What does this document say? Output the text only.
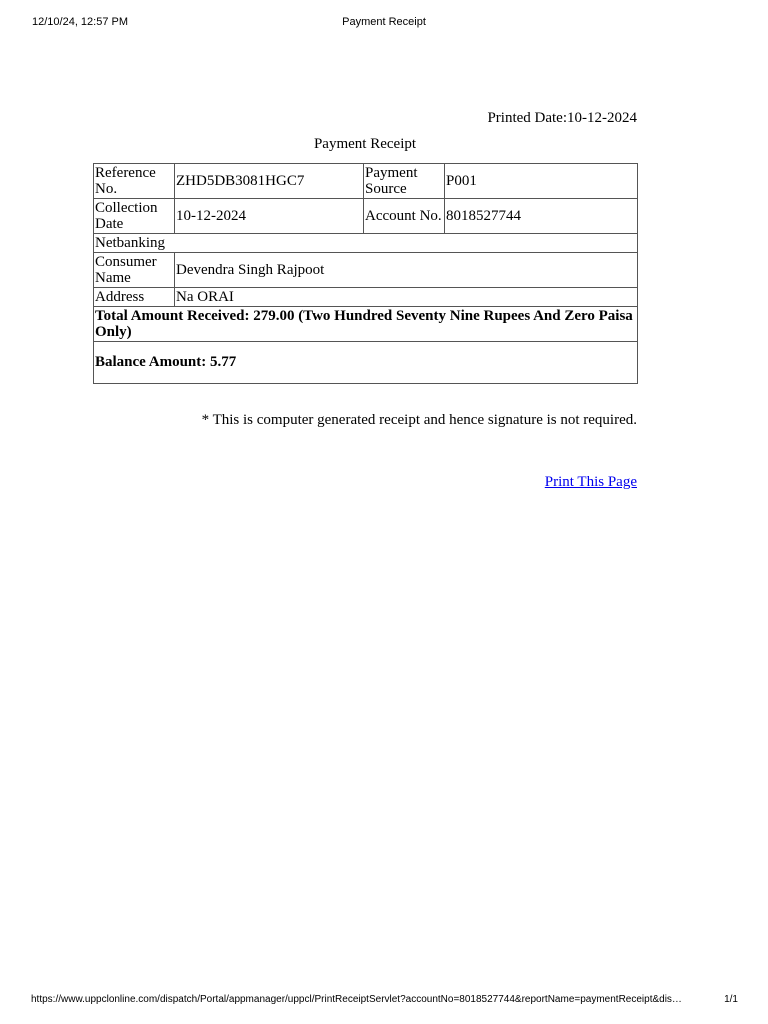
12/10/24, 12:57 PM	Payment Receipt
Printed Date:10-12-2024
Payment Receipt
Reference No.	ZHD5DB3081HGC7	Payment Source	P001
Collection Date	10-12-2024	Account No.	8018527744
Netbanking			
Consumer Name	Devendra Singh Rajpoot		
Address	Na ORAI		
Total Amount Received: 279.00 (Two Hundred Seventy Nine Rupees And Zero Paisa Only)			
Balance Amount: 5.77			
* This is computer generated receipt and hence signature is not required.
Print This Page
https://www.uppclonline.com/dispatch/Portal/appmanager/uppcl/PrintReceiptServlet?accountNo=8018527744&reportName=paymentReceipt&dis…	1/1
